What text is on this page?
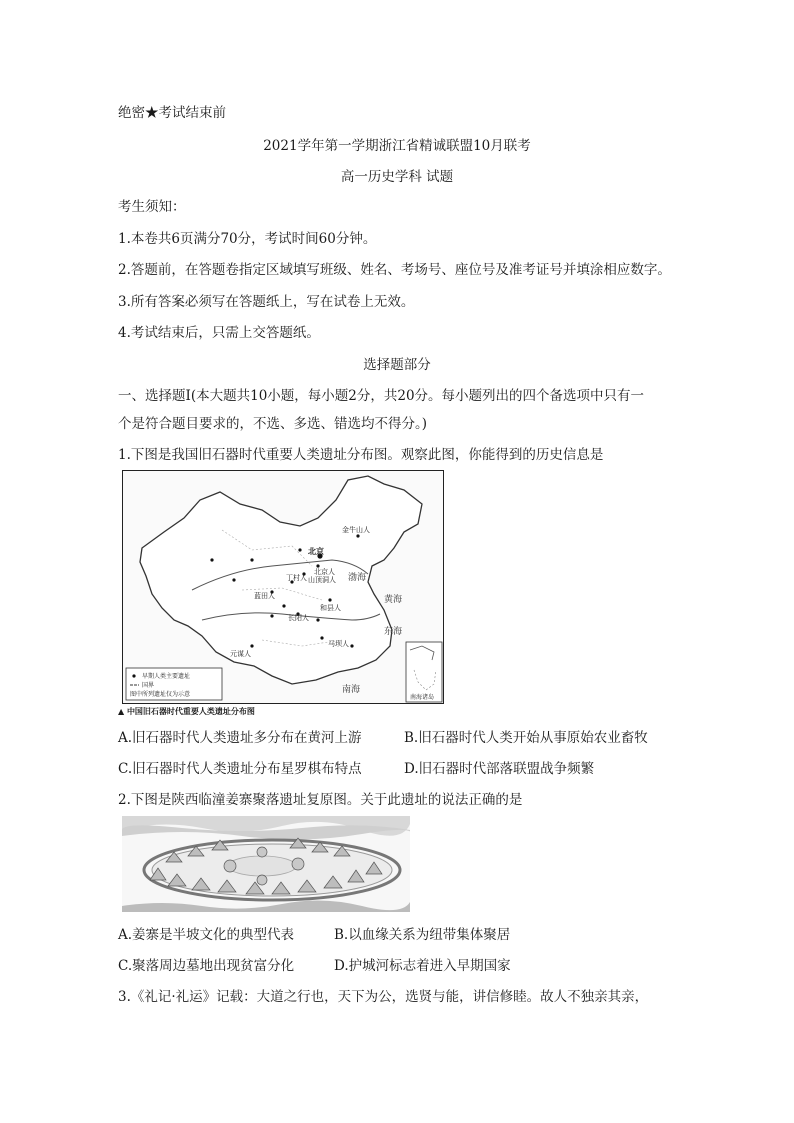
绝密★考试结束前
2021学年第一学期浙江省精诚联盟10月联考
高一历史学科 试题
考生须知：
1.本卷共6页满分70分，考试时间60分钟。
2.答题前，在答题卷指定区域填写班级、姓名、考场号、座位号及准考证号并填涂相应数字。
3.所有答案必须写在答题纸上，写在试卷上无效。
4.考试结束后，只需上交答题纸。
选择题部分
一、选择题Ⅰ(本大题共10小题，每小题2分，共20分。每小题列出的四个备选项中只有一
个是符合题目要求的，不选、多选、错选均不得分。)
1.下图是我国旧石器时代重要人类遗址分布图。观察此图，你能得到的历史信息是
北京
金牛山人
北京人
山顶洞人
丁村人
蓝田人
和县人
元谋人
长阳人
马坝人
渤海
黄海
东海
南海
早期人类主要遗址
国界
图中所列遗址仅为示意	南海诸岛
▲ 中国旧石器时代重要人类遗址分布图
A.旧石器时代人类遗址多分布在黄河上游	B.旧石器时代人类开始从事原始农业畜牧
C.旧石器时代人类遗址分布星罗棋布特点	D.旧石器时代部落联盟战争频繁
2.下图是陕西临潼姜寨聚落遗址复原图。关于此遗址的说法正确的是
A.姜寨是半坡文化的典型代表	B.以血缘关系为纽带集体聚居
C.聚落周边墓地出现贫富分化	D.护城河标志着进入早期国家
3.《礼记·礼运》记载：大道之行也，天下为公，选贤与能，讲信修睦。故人不独亲其亲，
